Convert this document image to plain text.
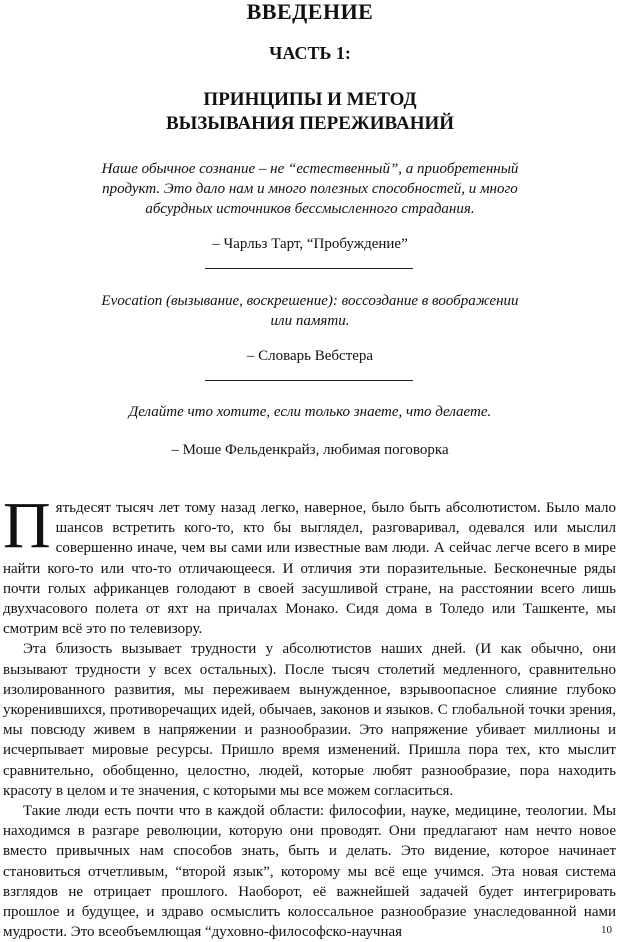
ВВЕДЕНИЕ
ЧАСТЬ 1:
ПРИНЦИПЫ И МЕТОД
ВЫЗЫВАНИЯ ПЕРЕЖИВАНИЙ
Наше обычное сознание – не “естественный”, а приобретенный
продукт. Это дало нам и много полезных способностей, и много
абсурдных источников бессмысленного страдания.
– Чарльз Тарт, “Пробуждение”
Evocation (вызывание, воскрешение): воссоздание в воображении
или памяти.
– Словарь Вебстера
Делайте что хотите, если только знаете, что делаете.
– Моше Фельденкрайз, любимая поговорка

Пятьдесят тысяч лет тому назад легко, наверное, было быть абсолютистом. Было мало шансов встретить кого-то, кто бы выглядел, разговаривал, одевался или мыслил совершенно иначе, чем вы сами или известные вам люди. А сейчас легче всего в мире найти кого-то или что-то отличающееся. И отличия эти поразительные. Бесконечные ряды почти голых африканцев голодают в своей засушливой стране, на расстоянии всего лишь двухчасового полета от яхт на причалах Монако. Сидя дома в Толедо или Ташкенте, мы смотрим всё это по телевизору.

Эта близость вызывает трудности у абсолютистов наших дней. (И как обычно, они вызывают трудности у всех остальных). После тысяч столетий медленного, сравнительно изолированного развития, мы переживаем вынужденное, взрывоопасное слияние глубоко укоренившихся, противоречащих идей, обычаев, законов и языков. С глобальной точки зрения, мы повсюду живем в напряжении и разнообразии. Это напряжение убивает миллионы и исчерпывает мировые ресурсы. Пришло время изменений. Пришла пора тех, кто мыслит сравнительно, обобщенно, целостно, людей, которые любят разнообразие, пора находить красоту в целом и те значения, с которыми мы все можем согласиться.

Такие люди есть почти что в каждой области: философии, науке, медицине, теологии. Мы находимся в разгаре революции, которую они проводят. Они предлагают нам нечто новое вместо привычных нам способов знать, быть и делать. Это видение, которое начинает становиться отчетливым, “второй язык”, которому мы всё еще учимся. Эта новая система взглядов не отрицает прошлого. Наоборот, её важнейшей задачей будет интегрировать прошлое и будущее, и здраво осмыслить колоссальное разнообразие унаследованной нами мудрости. Это всеобъемлющая “духовно-философско-научная	10
